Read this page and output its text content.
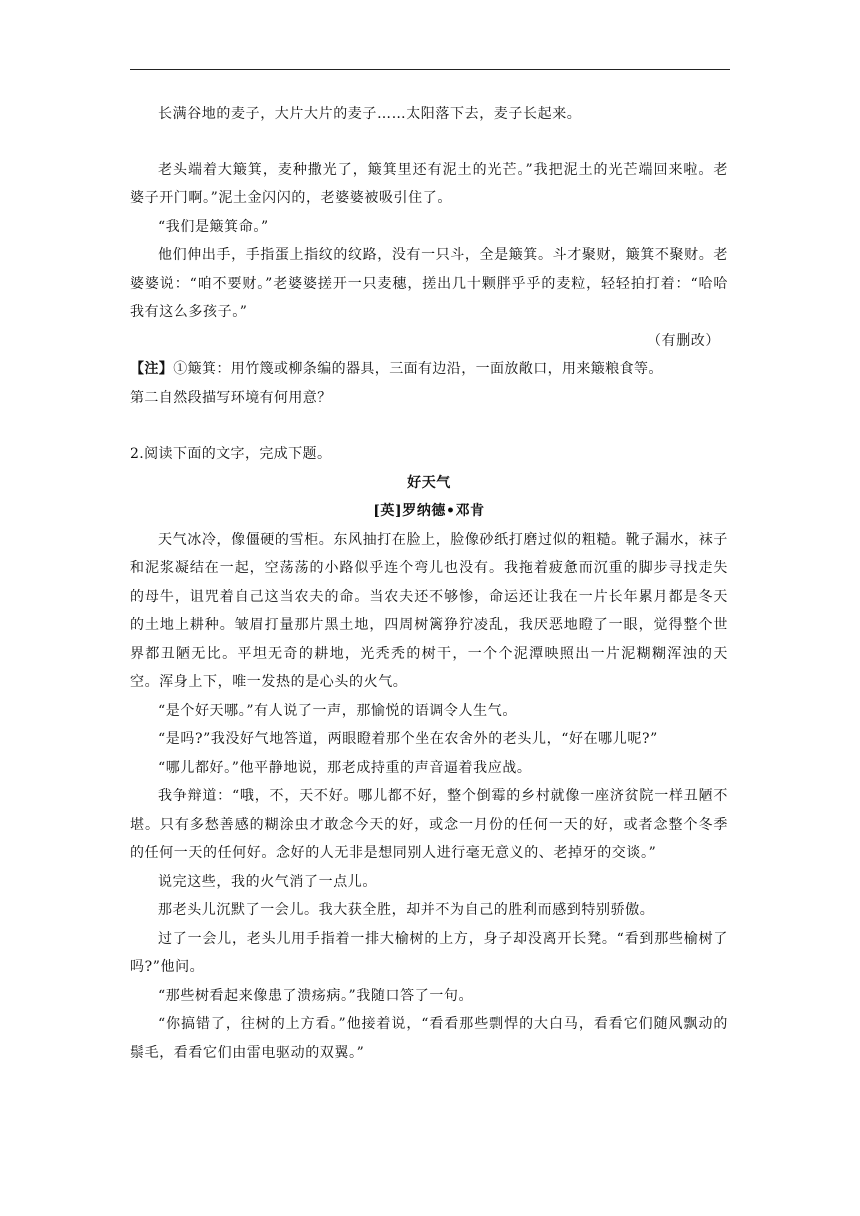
长满谷地的麦子，大片大片的麦子……太阳落下去，麦子长起来。

老头端着大簸箕，麦种撒光了，簸箕里还有泥土的光芒。”我把泥土的光芒端回来啦。老婆子开门啊。”泥土金闪闪的，老婆婆被吸引住了。

“我们是簸箕命。”

他们伸出手，手指蛋上指纹的纹路，没有一只斗，全是簸箕。斗才聚财，簸箕不聚财。老婆婆说：“咱不要财。”老婆婆搓开一只麦穗，搓出几十颗胖乎乎的麦粒，轻轻拍打着：“哈哈我有这么多孩子。”

（有删改）

【注】①簸箕：用竹篾或柳条编的器具，三面有边沿，一面放敞口，用来簸粮食等。

第二自然段描写环境有何用意？

2.阅读下面的文字，完成下题。

好天气

[英]罗纳德•邓肯

天气冰冷，像僵硬的雪柜。东风抽打在脸上，脸像砂纸打磨过似的粗糙。靴子漏水，袜子和泥浆凝结在一起，空荡荡的小路似乎连个弯儿也没有。我拖着疲惫而沉重的脚步寻找走失的母牛，诅咒着自己这当农夫的命。当农夫还不够惨，命运还让我在一片长年累月都是冬天的土地上耕种。皱眉打量那片黑土地，四周树篱狰狞凌乱，我厌恶地瞪了一眼，觉得整个世界都丑陋无比。平坦无奇的耕地，光秃秃的树干，一个个泥潭映照出一片泥糊糊浑浊的天空。浑身上下，唯一发热的是心头的火气。

“是个好天哪。”有人说了一声，那愉悦的语调令人生气。

“是吗?”我没好气地答道，两眼瞪着那个坐在农舍外的老头儿，“好在哪儿呢?”

“哪儿都好。”他平静地说，那老成持重的声音逼着我应战。

我争辩道：“哦，不，天不好。哪儿都不好，整个倒霉的乡村就像一座济贫院一样丑陋不堪。只有多愁善感的糊涂虫才敢念今天的好，或念一月份的任何一天的好，或者念整个冬季的任何一天的任何好。念好的人无非是想同别人进行毫无意义的、老掉牙的交谈。”

说完这些，我的火气消了一点儿。

那老头儿沉默了一会儿。我大获全胜，却并不为自己的胜利而感到特别骄傲。

过了一会儿，老头儿用手指着一排大榆树的上方，身子却没离开长凳。“看到那些榆树了吗?”他问。

“那些树看起来像患了溃疡病。”我随口答了一句。

“你搞错了，往树的上方看。”他接着说，“看看那些剽悍的大白马，看看它们随风飘动的鬃毛，看看它们由雷电驱动的双翼。”
